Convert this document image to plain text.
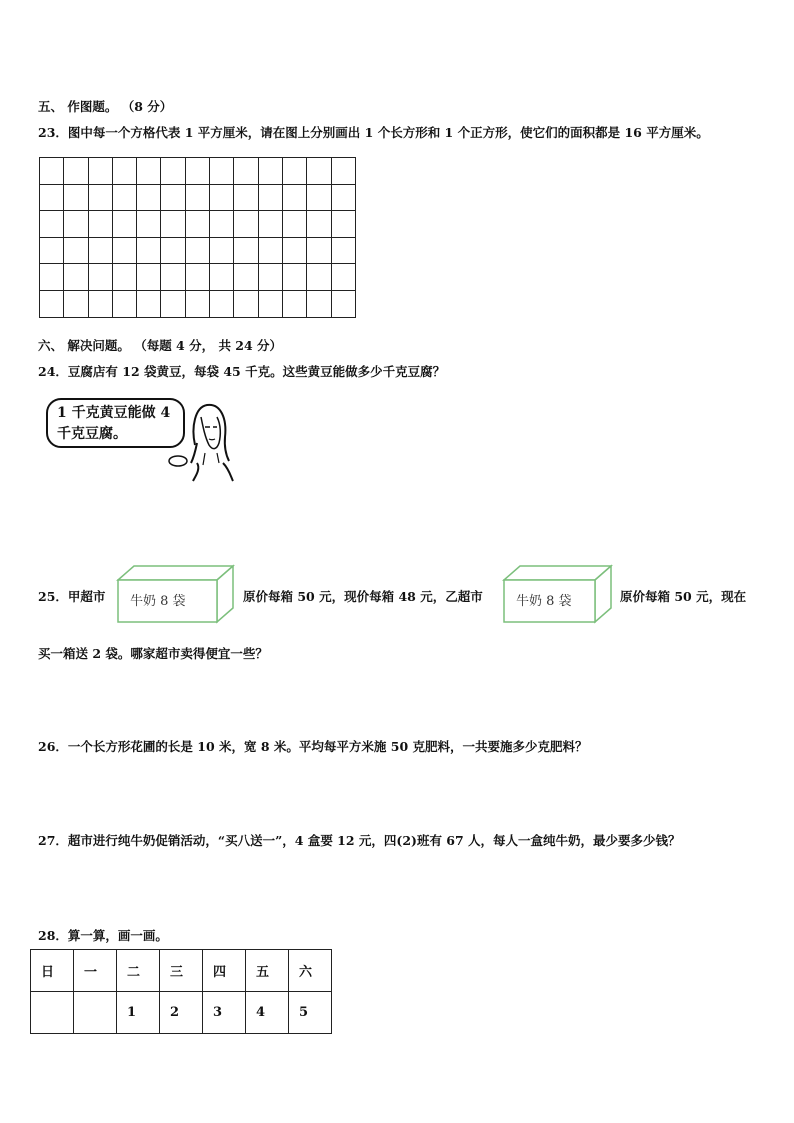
五、 作图题。 （8 分）
23．图中每一个方格代表 1 平方厘米，请在图上分别画出 1 个长方形和 1 个正方形，使它们的面积都是 16 平方厘米。

六、 解决问题。 （每题 4 分， 共 24 分）
24．豆腐店有 12 袋黄豆，每袋 45 千克。这些黄豆能做多少千克豆腐？
1 千克黄豆能做 4
千克豆腐。
25．甲超市 牛奶 8 袋	原价每箱 50 元，现价每箱 48 元，乙超市	牛奶 8 袋	原价每箱 50 元，现在
买一箱送 2 袋。哪家超市卖得便宜一些？
26．一个长方形花圃的长是 10 米，宽 8 米。平均每平方米施 50 克肥料，一共要施多少克肥料？
27．超市进行纯牛奶促销活动，“买八送一”，4 盒要 12 元，四(2)班有 67 人，每人一盒纯牛奶，最少要多少钱？
28．算一算，画一画。
日	一	二	三	四	五	六
		1	2	3	4	5
